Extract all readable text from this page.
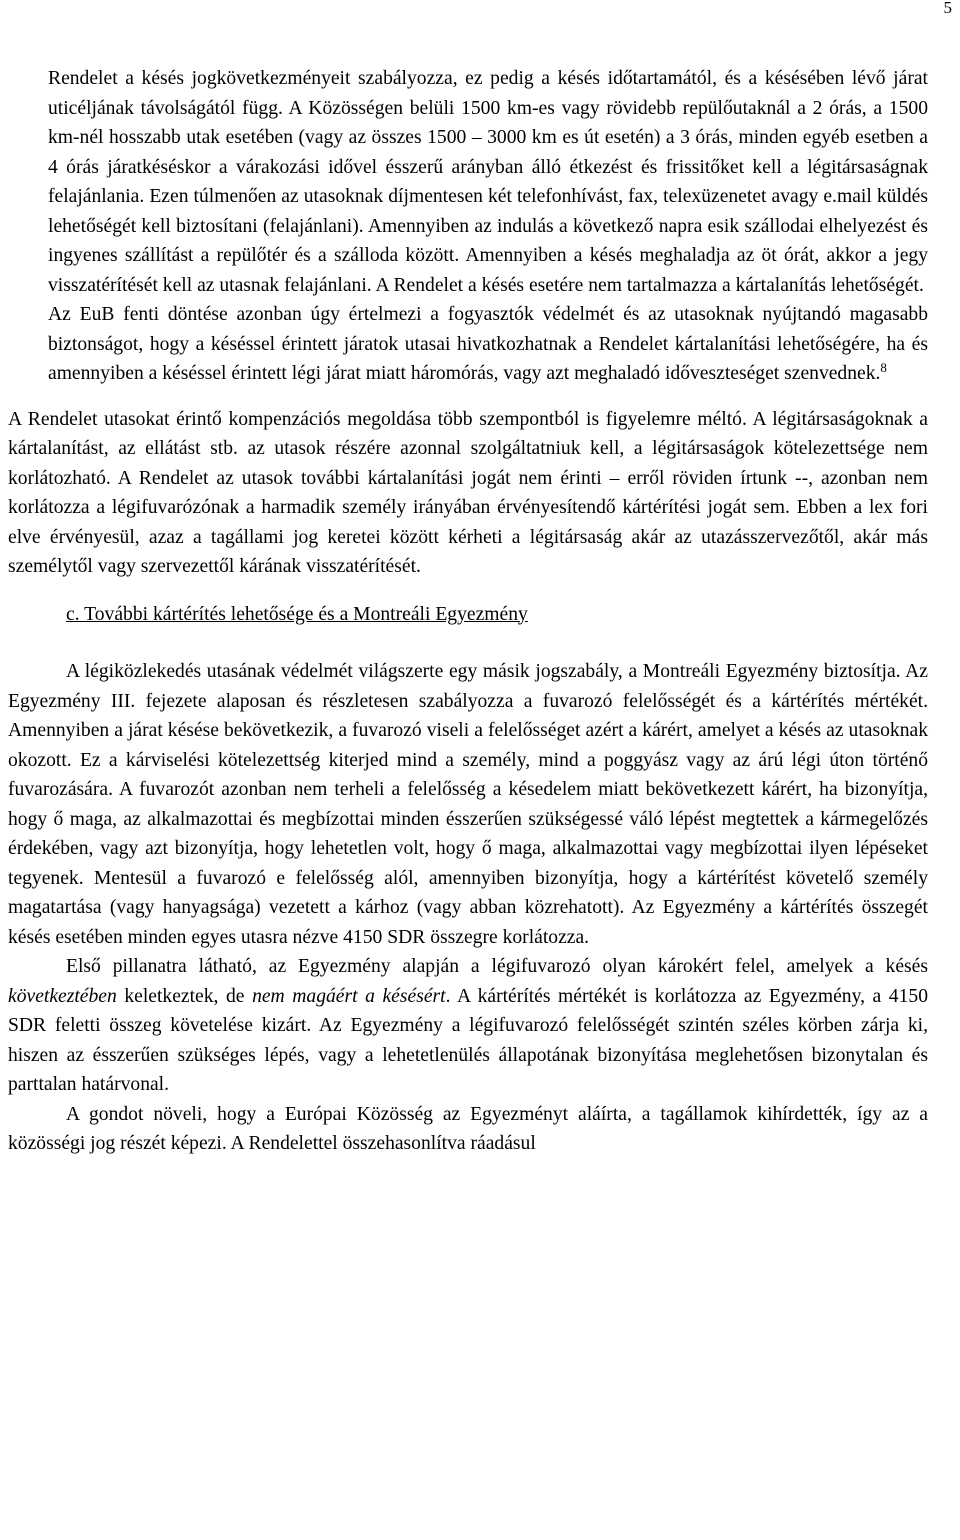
5

Rendelet a késés jogkövetkezményeit szabályozza, ez pedig a késés időtartamától, és a késésében lévő járat uticéljának távolságától függ. A Közösségen belüli 1500 km-es vagy rövidebb repülőutaknál a 2 órás, a 1500 km-nél hosszabb utak esetében (vagy az összes 1500 – 3000 km es út esetén) a 3 órás, minden egyéb esetben a 4 órás járatkéséskor a várakozási idővel ésszerű arányban álló étkezést és frissitőket kell a légitársaságnak felajánlania. Ezen túlmenően az utasoknak díjmentesen két telefonhívást, fax, telexüzenetet avagy e.mail küldés lehetőségét kell biztosítani (felajánlani). Amennyiben az indulás a következő napra esik szállodai elhelyezést és ingyenes szállítást a repülőtér és a szálloda között. Amennyiben a késés meghaladja az öt órát, akkor a jegy visszatérítését kell az utasnak felajánlani. A Rendelet a késés esetére nem tartalmazza a kártalanítás lehetőségét.

Az EuB fenti döntése azonban úgy értelmezi a fogyasztók védelmét és az utasoknak nyújtandó magasabb biztonságot, hogy a késéssel érintett járatok utasai hivatkozhatnak a Rendelet kártalanítási lehetőségére, ha és amennyiben a késéssel érintett légi járat miatt háromórás, vagy azt meghaladó időveszteséget szenvednek.$^8$

A Rendelet utasokat érintő kompenzációs megoldása több szempontból is figyelemre méltó. A légitársaságoknak a kártalanítást, az ellátást stb. az utasok részére azonnal szolgáltatniuk kell, a légitársaságok kötelezettsége nem korlátozható. A Rendelet az utasok további kártalanítási jogát nem érinti – erről röviden írtunk --, azonban nem korlátozza a légifuvarózónak a harmadik személy irányában érvényesítendő kártérítési jogát sem. Ebben a lex fori elve érvényesül, azaz a tagállami jog keretei között kérheti a légitársaság akár az utazásszervezőtől, akár más személytől vagy szervezettől kárának visszatérítését.

c. További kártérítés lehetősége és a Montreáli Egyezmény

A légiközlekedés utasának védelmét világszerte egy másik jogszabály, a Montreáli Egyezmény biztosítja. Az Egyezmény III. fejezete alaposan és részletesen szabályozza a fuvarozó felelősségét és a kártérítés mértékét. Amennyiben a járat késése bekövetkezik, a fuvarozó viseli a felelősséget azért a kárért, amelyet a késés az utasoknak okozott. Ez a kárviselési kötelezettség kiterjed mind a személy, mind a poggyász vagy az árú légi úton történő fuvarozására. A fuvarozót azonban nem terheli a felelősség a késedelem miatt bekövetkezett kárért, ha bizonyítja, hogy ő maga, az alkalmazottai és megbízottai minden ésszerűen szükségessé váló lépést megtettek a kármegelőzés érdekében, vagy azt bizonyítja, hogy lehetetlen volt, hogy ő maga, alkalmazottai vagy megbízottai ilyen lépéseket tegyenek. Mentesül a fuvarozó e felelősség alól, amennyiben bizonyítja, hogy a kártérítést követelő személy magatartása (vagy hanyagsága) vezetett a kárhoz (vagy abban közrehatott). Az Egyezmény a kártérítés összegét késés esetében minden egyes utasra nézve 4150 SDR összegre korlátozza.

Első pillanatra látható, az Egyezmény alapján a légifuvarozó olyan károkért felel, amelyek a késés következtében keletkeztek, de nem magáért a késésért. A kártérítés mértékét is korlátozza az Egyezmény, a 4150 SDR feletti összeg követelése kizárt. Az Egyezmény a légifuvarozó felelősségét szintén széles körben zárja ki, hiszen az ésszerűen szükséges lépés, vagy a lehetetlenülés állapotának bizonyítása meglehetősen bizonytalan és parttalan határvonal.

A gondot növeli, hogy a Európai Közösség az Egyezményt aláírta, a tagállamok kihírdették, így az a közösségi jog részét képezi. A Rendelettel összehasonlítva ráadásul
